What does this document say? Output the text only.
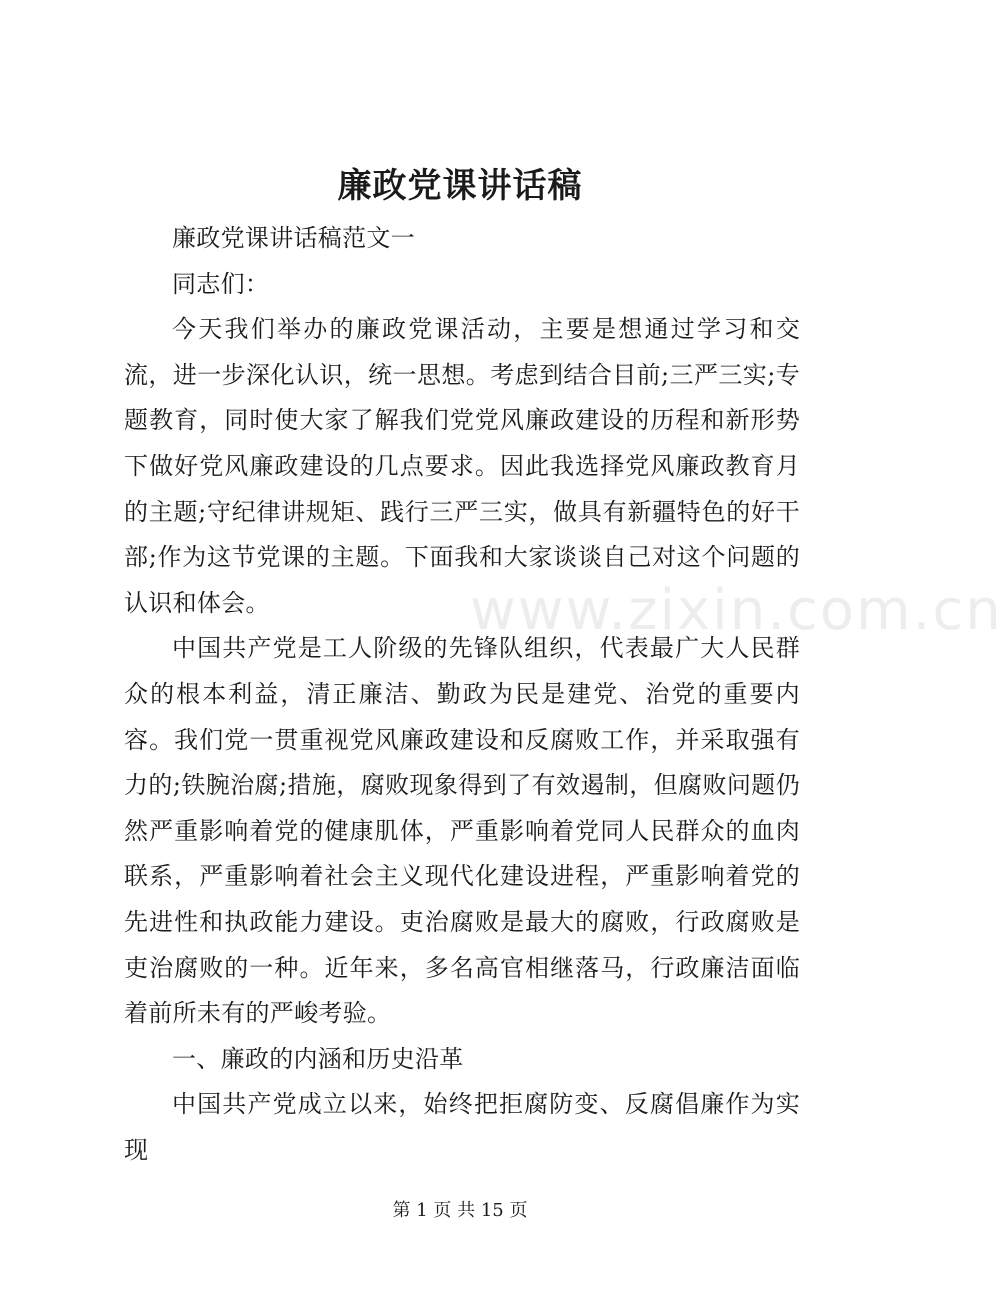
廉政党课讲话稿

廉政党课讲话稿范文一

同志们：

今天我们举办的廉政党课活动，主要是想通过学习和交流，进一步深化认识，统一思想。考虑到结合目前;三严三实;专题教育，同时使大家了解我们党党风廉政建设的历程和新形势下做好党风廉政建设的几点要求。因此我选择党风廉政教育月的主题;守纪律讲规矩、践行三严三实，做具有新疆特色的好干部;作为这节党课的主题。下面我和大家谈谈自己对这个问题的认识和体会。

中国共产党是工人阶级的先锋队组织，代表最广大人民群众的根本利益，清正廉洁、勤政为民是建党、治党的重要内容。我们党一贯重视党风廉政建设和反腐败工作，并采取强有力的;铁腕治腐;措施，腐败现象得到了有效遏制，但腐败问题仍然严重影响着党的健康肌体，严重影响着党同人民群众的血肉联系，严重影响着社会主义现代化建设进程，严重影响着党的先进性和执政能力建设。吏治腐败是最大的腐败，行政腐败是吏治腐败的一种。近年来，多名高官相继落马，行政廉洁面临着前所未有的严峻考验。

一、廉政的内涵和历史沿革

中国共产党成立以来，始终把拒腐防变、反腐倡廉作为实现

www.zixin.com.cn
第 1 页 共 15 页
